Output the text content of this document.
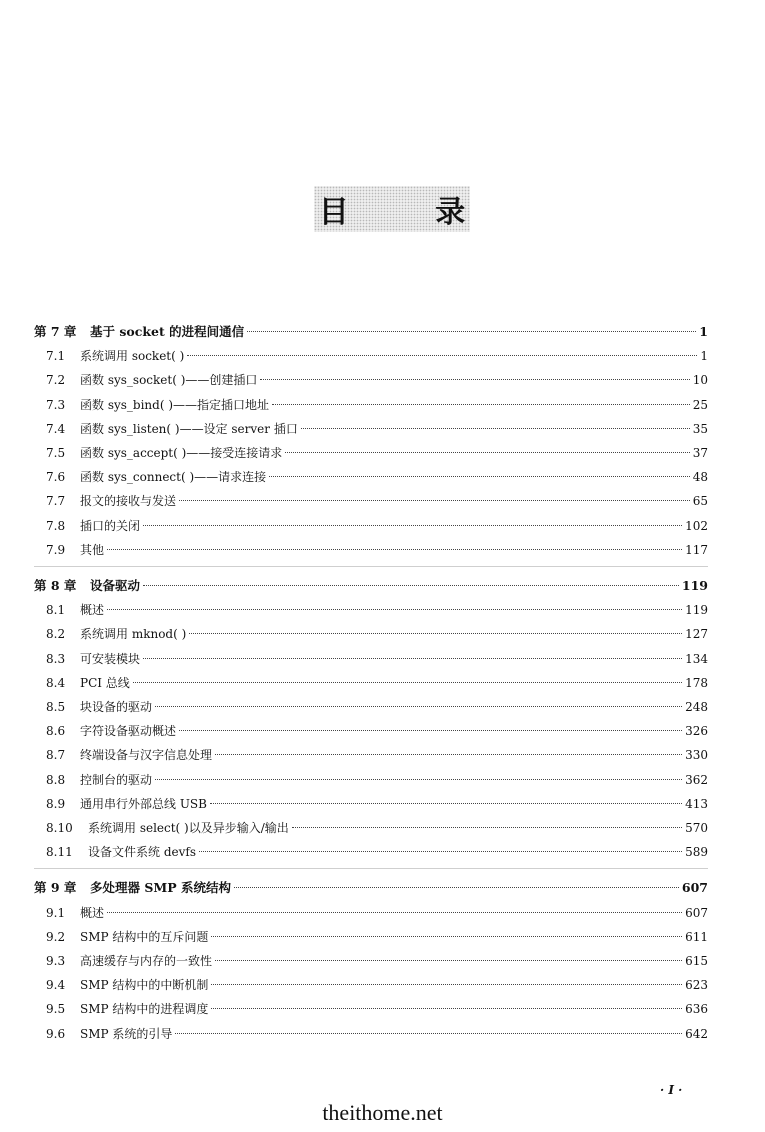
目 录
第 7 章	基于 socket 的进程间通信	1
7.1	系统调用 socket( )	1
7.2	函数 sys_socket( )——创建插口	10
7.3	函数 sys_bind( )——指定插口地址	25
7.4	函数 sys_listen( )——设定 server 插口	35
7.5	函数 sys_accept( )——接受连接请求	37
7.6	函数 sys_connect( )——请求连接	48
7.7	报文的接收与发送	65
7.8	插口的关闭	102
7.9	其他	117
第 8 章	设备驱动	119
8.1	概述	119
8.2	系统调用 mknod( )	127
8.3	可安装模块	134
8.4	PCI 总线	178
8.5	块设备的驱动	248
8.6	字符设备驱动概述	326
8.7	终端设备与汉字信息处理	330
8.8	控制台的驱动	362
8.9	通用串行外部总线 USB	413
8.10	系统调用 select( )以及异步输入/输出	570
8.11	设备文件系统 devfs	589
第 9 章	多处理器 SMP 系统结构	607
9.1	概述	607
9.2	SMP 结构中的互斥问题	611
9.3	高速缓存与内存的一致性	615
9.4	SMP 结构中的中断机制	623
9.5	SMP 结构中的进程调度	636
9.6	SMP 系统的引导	642
· I ·
theithome.net
